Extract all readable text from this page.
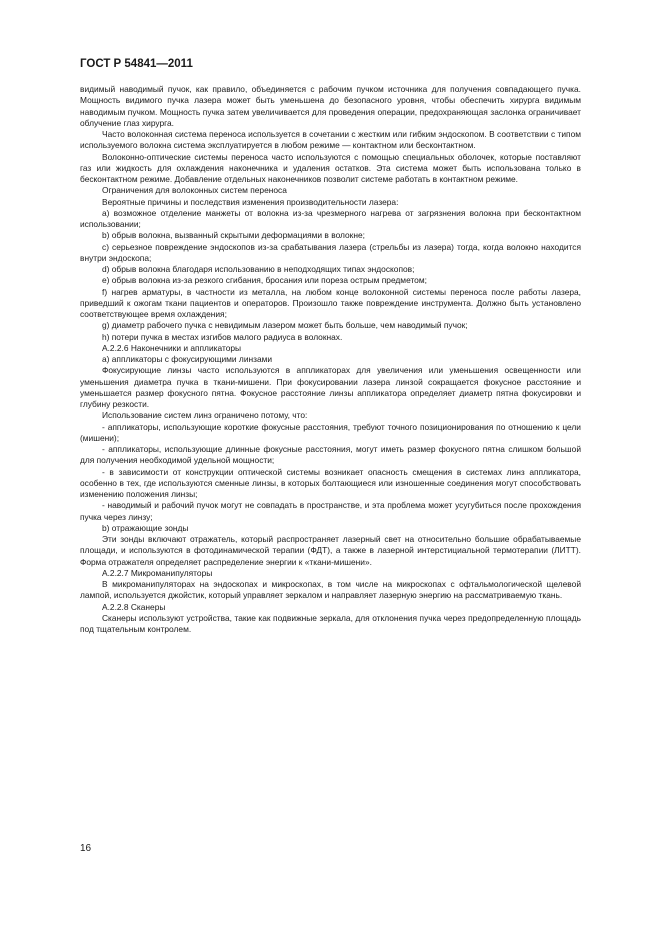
ГОСТ Р 54841—2011

видимый наводимый пучок, как правило, объединяется с рабочим пучком источника для получения совпадающего пучка. Мощность видимого пучка лазера может быть уменьшена до безопасного уровня, чтобы обеспечить хирурга видимым наводимым пучком. Мощность пучка затем увеличивается для проведения операции, предохраняющая заслонка ограничивает облучение глаз хирурга.

Часто волоконная система переноса используется в сочетании с жестким или гибким эндоскопом. В соответствии с типом используемого волокна система эксплуатируется в любом режиме — контактном или бесконтактном.

Волоконно-оптические системы переноса часто используются с помощью специальных оболочек, которые поставляют газ или жидкость для охлаждения наконечника и удаления остатков. Эта система может быть использована только в бесконтактном режиме. Добавление отдельных наконечников позволит системе работать в контактном режиме.

Ограничения для волоконных систем переноса

Вероятные причины и последствия изменения производительности лазера:

а) возможное отделение манжеты от волокна из-за чрезмерного нагрева от загрязнения волокна при бесконтактном использовании;

b) обрыв волокна, вызванный скрытыми деформациями в волокне;

с) серьезное повреждение эндоскопов из-за срабатывания лазера (стрельбы из лазера) тогда, когда волокно находится внутри эндоскопа;

d) обрыв волокна благодаря использованию в неподходящих типах эндоскопов;

е) обрыв волокна из-за резкого сгибания, бросания или пореза острым предметом;

f) нагрев арматуры, в частности из металла, на любом конце волоконной системы переноса после работы лазера, приведший к ожогам ткани пациентов и операторов. Произошло также повреждение инструмента. Должно быть установлено соответствующее время охлаждения;

g) диаметр рабочего пучка с невидимым лазером может быть больше, чем наводимый пучок;

h) потери пучка в местах изгибов малого радиуса в волокнах.

А.2.2.6 Наконечники и аппликаторы

а) аппликаторы с фокусирующими линзами

Фокусирующие линзы часто используются в аппликаторах для увеличения или уменьшения освещенности или уменьшения диаметра пучка в ткани-мишени. При фокусировании лазера линзой сокращается фокусное расстояние и уменьшается размер фокусного пятна. Фокусное расстояние линзы аппликатора определяет диаметр пятна фокусировки и глубину резкости.

Использование систем линз ограничено потому, что:

- аппликаторы, использующие короткие фокусные расстояния, требуют точного позиционирования по отношению к цели (мишени);

- аппликаторы, использующие длинные фокусные расстояния, могут иметь размер фокусного пятна слишком большой для получения необходимой удельной мощности;

- в зависимости от конструкции оптической системы возникает опасность смещения в системах линз аппликатора, особенно в тех, где используются сменные линзы, в которых болтающиеся или изношенные соединения могут способствовать изменению положения линзы;

- наводимый и рабочий пучок могут не совпадать в пространстве, и эта проблема может усугубиться после прохождения пучка через линзу;

b) отражающие зонды

Эти зонды включают отражатель, который распространяет лазерный свет на относительно большие обрабатываемые площади, и используются в фотодинамической терапии (ФДТ), а также в лазерной интерстициальной термотерапии (ЛИТТ). Форма отражателя определяет распределение энергии к «ткани-мишени».

А.2.2.7 Микроманипуляторы

В микроманипуляторах на эндоскопах и микроскопах, в том числе на микроскопах с офтальмологической щелевой лампой, используется джойстик, который управляет зеркалом и направляет лазерную энергию на рассматриваемую ткань.

А.2.2.8 Сканеры

Сканеры используют устройства, такие как подвижные зеркала, для отклонения пучка через предопределенную площадь под тщательным контролем.

16
